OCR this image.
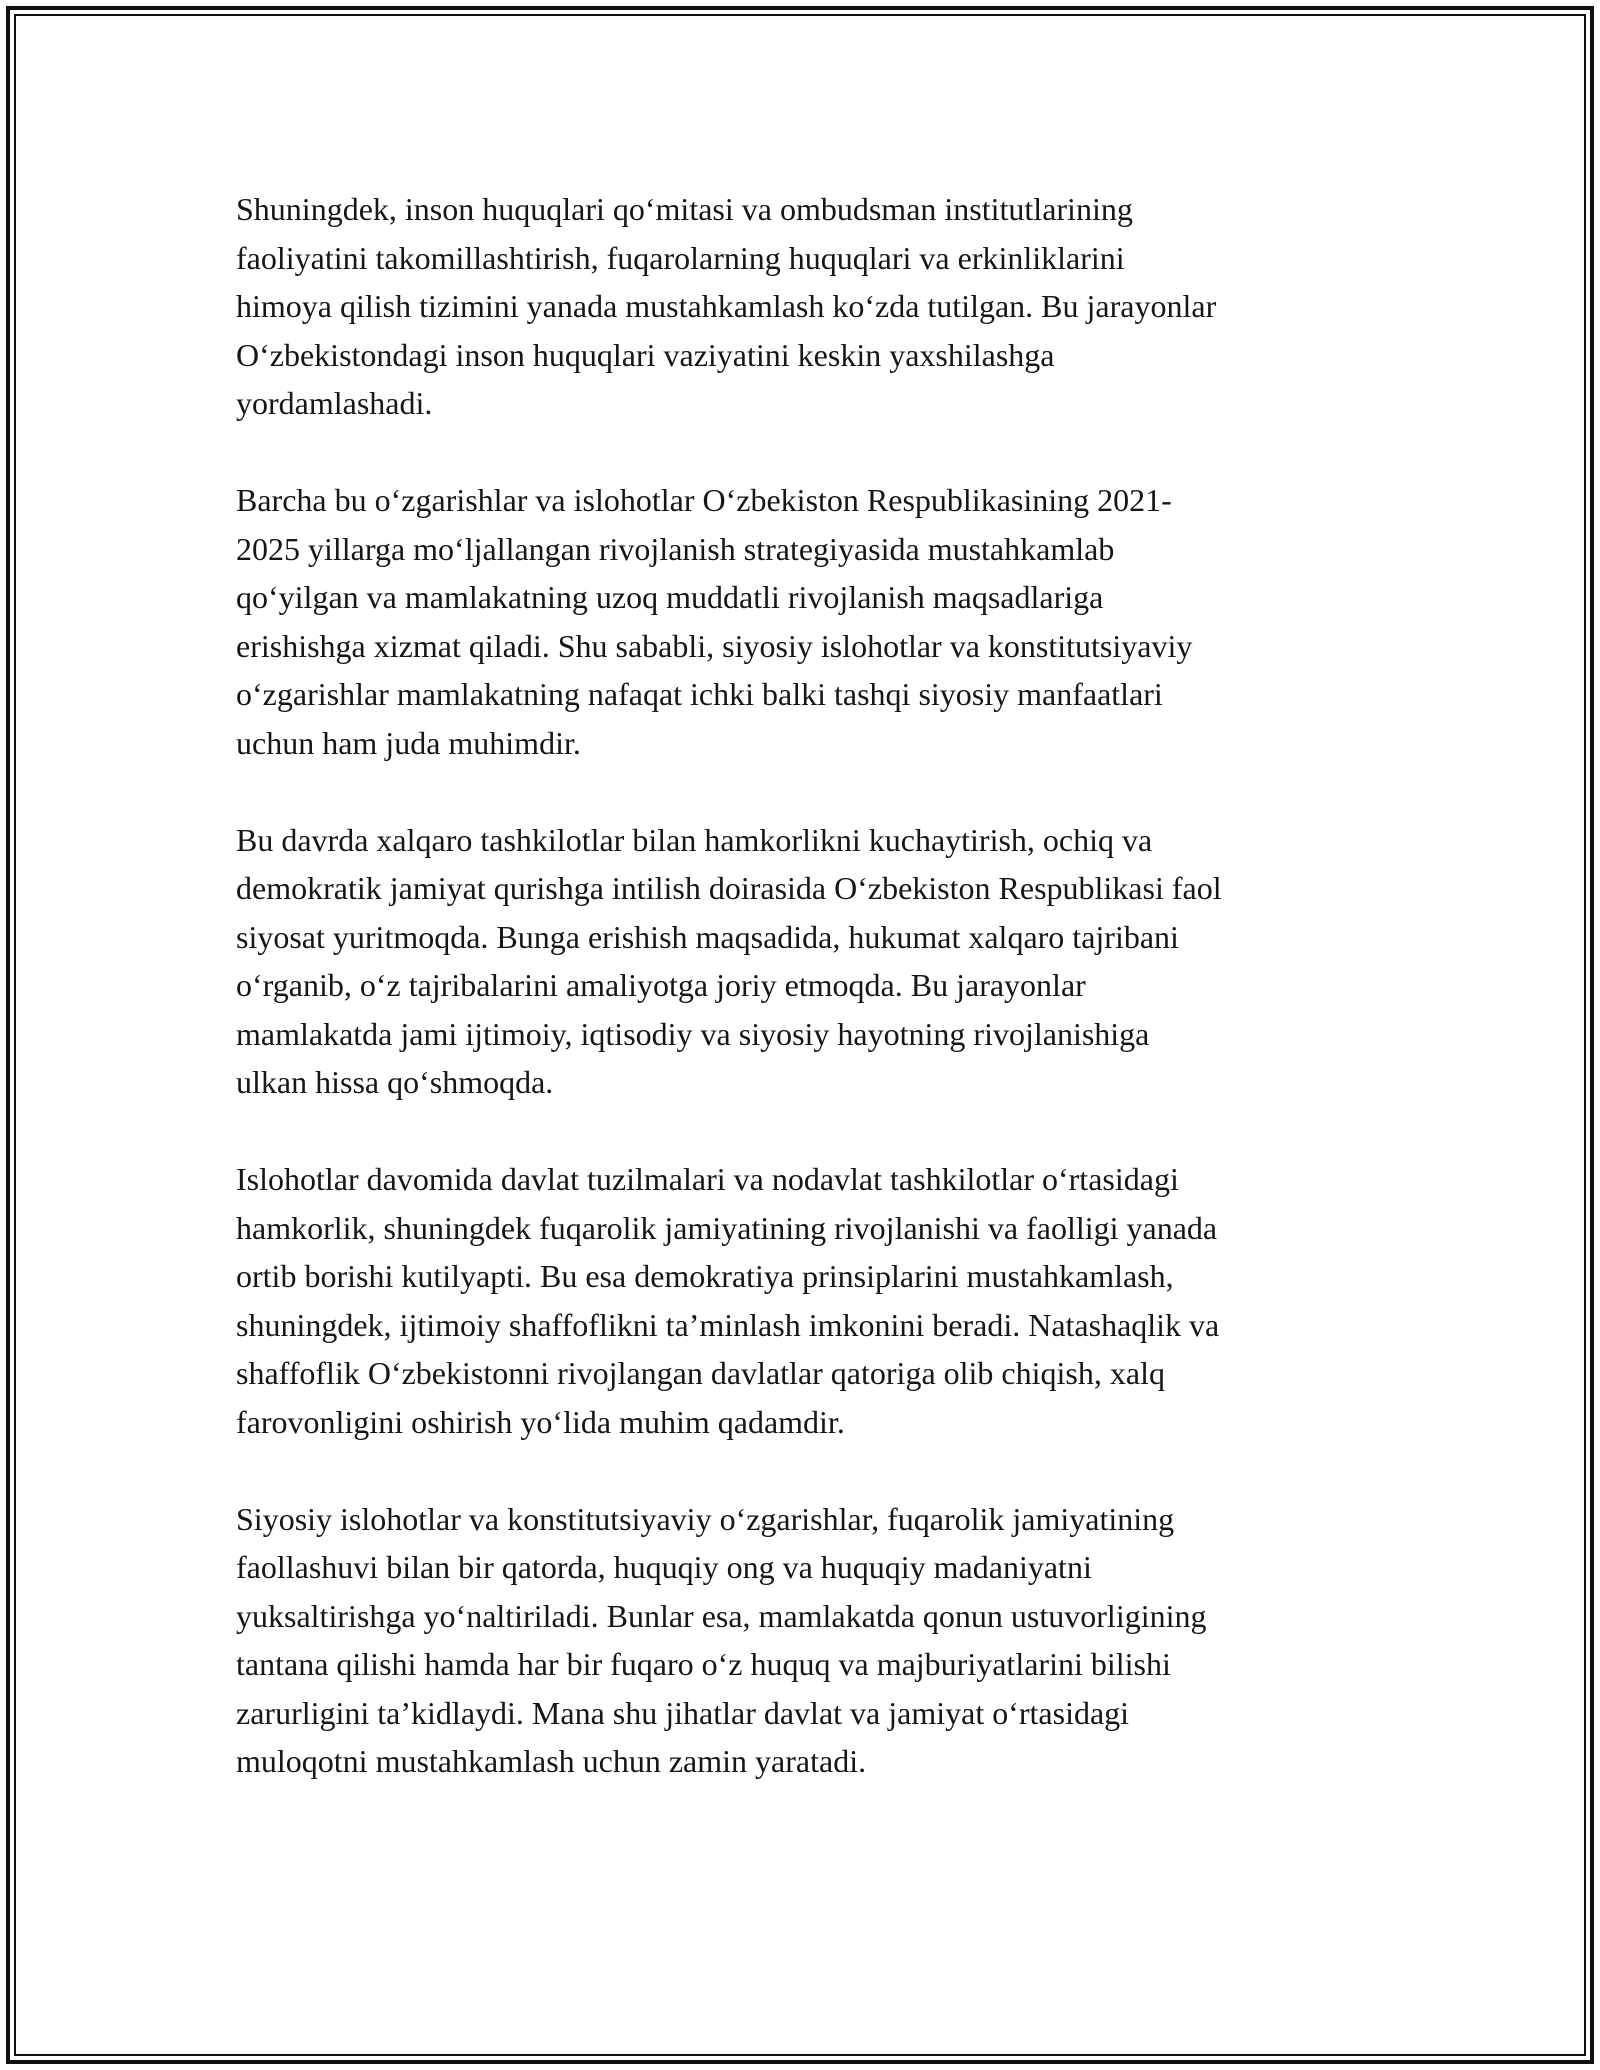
Shuningdek, inson huquqlari qo‘mitasi va ombudsman institutlarining
faoliyatini takomillashtirish, fuqarolarning huquqlari va erkinliklarini
himoya qilish tizimini yanada mustahkamlash ko‘zda tutilgan. Bu jarayonlar
O‘zbekistondagi inson huquqlari vaziyatini keskin yaxshilashga
yordamlashadi.

Barcha bu o‘zgarishlar va islohotlar O‘zbekiston Respublikasining 2021-
2025 yillarga mo‘ljallangan rivojlanish strategiyasida mustahkamlab
qo‘yilgan va mamlakatning uzoq muddatli rivojlanish maqsadlariga
erishishga xizmat qiladi. Shu sababli, siyosiy islohotlar va konstitutsiyaviy
o‘zgarishlar mamlakatning nafaqat ichki balki tashqi siyosiy manfaatlari
uchun ham juda muhimdir.

Bu davrda xalqaro tashkilotlar bilan hamkorlikni kuchaytirish, ochiq va
demokratik jamiyat qurishga intilish doirasida O‘zbekiston Respublikasi faol
siyosat yuritmoqda. Bunga erishish maqsadida, hukumat xalqaro tajribani
o‘rganib, o‘z tajribalarini amaliyotga joriy etmoqda. Bu jarayonlar
mamlakatda jami ijtimoiy, iqtisodiy va siyosiy hayotning rivojlanishiga
ulkan hissa qo‘shmoqda.

Islohotlar davomida davlat tuzilmalari va nodavlat tashkilotlar o‘rtasidagi
hamkorlik, shuningdek fuqarolik jamiyatining rivojlanishi va faolligi yanada
ortib borishi kutilyapti. Bu esa demokratiya prinsiplarini mustahkamlash,
shuningdek, ijtimoiy shaffoflikni ta’minlash imkonini beradi. Natashaqlik va
shaffoflik O‘zbekistonni rivojlangan davlatlar qatoriga olib chiqish, xalq
farovonligini oshirish yo‘lida muhim qadamdir.

Siyosiy islohotlar va konstitutsiyaviy o‘zgarishlar, fuqarolik jamiyatining
faollashuvi bilan bir qatorda, huquqiy ong va huquqiy madaniyatni
yuksaltirishga yo‘naltiriladi. Bunlar esa, mamlakatda qonun ustuvorligining
tantana qilishi hamda har bir fuqaro o‘z huquq va majburiyatlarini bilishi
zarurligini ta’kidlaydi. Mana shu jihatlar davlat va jamiyat o‘rtasidagi
muloqotni mustahkamlash uchun zamin yaratadi.
